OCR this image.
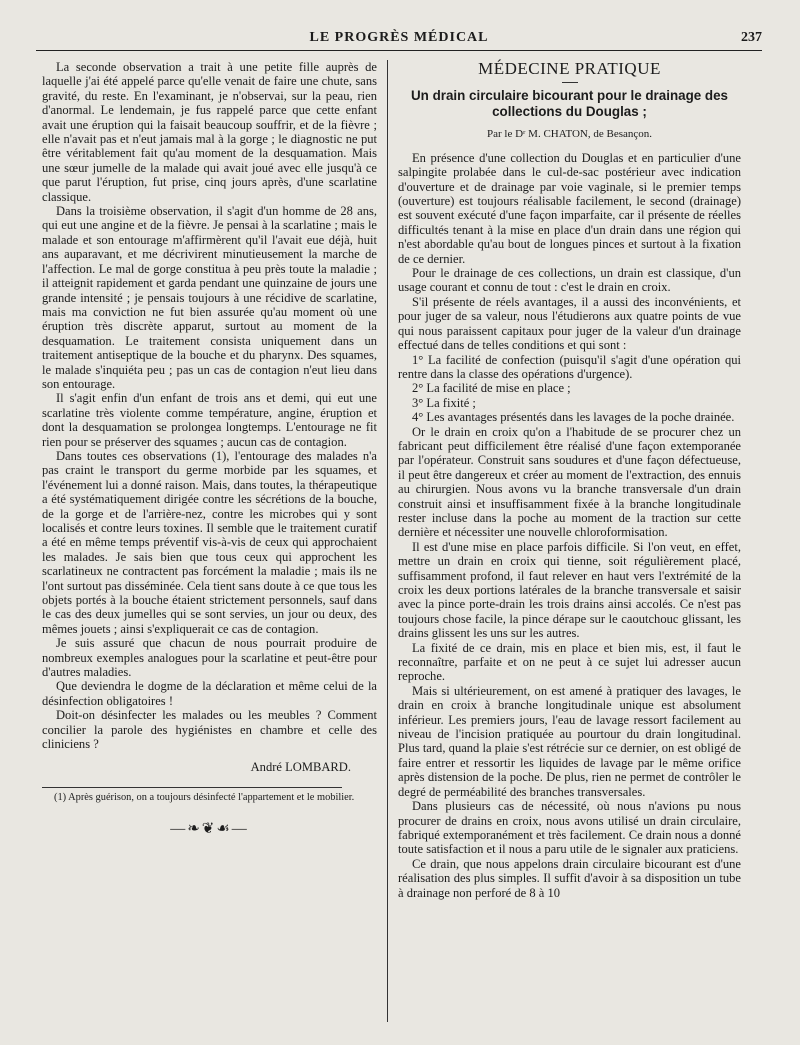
LE PROGRÈS MÉDICAL	237

La seconde observation a trait à une petite fille auprès de laquelle j'ai été appelé parce qu'elle venait de faire une chute, sans gravité, du reste. En l'examinant, je n'observai, sur la peau, rien d'anormal. Le lendemain, je fus rappelé parce que cette enfant avait une éruption qui la faisait beaucoup souffrir, et de la fièvre ; elle n'avait pas et n'eut jamais mal à la gorge ; le diagnostic ne put être véritablement fait qu'au moment de la desquamation. Mais une sœur jumelle de la malade qui avait joué avec elle jusqu'à ce que parut l'éruption, fut prise, cinq jours après, d'une scarlatine classique.

Dans la troisième observation, il s'agit d'un homme de 28 ans, qui eut une angine et de la fièvre. Je pensai à la scarlatine ; mais le malade et son entourage m'affirmèrent qu'il l'avait eue déjà, huit ans auparavant, et me décrivirent minutieusement la marche de l'affection. Le mal de gorge constitua à peu près toute la maladie ; il atteignit rapidement et garda pendant une quinzaine de jours une grande intensité ; je pensais toujours à une récidive de scarlatine, mais ma conviction ne fut bien assurée qu'au moment où une éruption très discrète apparut, surtout au moment de la desquamation. Le traitement consista uniquement dans un traitement antiseptique de la bouche et du pharynx. Des squames, le malade s'inquiéta peu ; pas un cas de contagion n'eut lieu dans son entourage.

Il s'agit enfin d'un enfant de trois ans et demi, qui eut une scarlatine très violente comme température, angine, éruption et dont la desquamation se prolongea longtemps. L'entourage ne fit rien pour se préserver des squames ; aucun cas de contagion.

Dans toutes ces observations (1), l'entourage des malades n'a pas craint le transport du germe morbide par les squames, et l'événement lui a donné raison. Mais, dans toutes, la thérapeutique a été systématiquement dirigée contre les sécrétions de la bouche, de la gorge et de l'arrière-nez, contre les microbes qui y sont localisés et contre leurs toxines. Il semble que le traitement curatif a été en même temps préventif vis-à-vis de ceux qui approchaient les malades. Je sais bien que tous ceux qui approchent les scarlatineux ne contractent pas forcément la maladie ; mais ils ne l'ont surtout pas disséminée. Cela tient sans doute à ce que tous les objets portés à la bouche étaient strictement personnels, sauf dans le cas des deux jumelles qui se sont servies, un jour ou deux, des mêmes jouets ; ainsi s'expliquerait ce cas de contagion.

Je suis assuré que chacun de nous pourrait produire de nombreux exemples analogues pour la scarlatine et peut-être pour d'autres maladies.

Que deviendra le dogme de la déclaration et même celui de la désinfection obligatoires !

Doit-on désinfecter les malades ou les meubles ? Comment concilier la parole des hygiénistes en chambre et celle des cliniciens ?

André LOMBARD.

(1) Après guérison, on a toujours désinfecté l'appartement et le mobilier.

—❧❦☙—
MÉDECINE PRATIQUE
Un drain circulaire bicourant pour le drainage des collections du Douglas ;
Par le Dʳ M. CHATON, de Besançon.

En présence d'une collection du Douglas et en particulier d'une salpingite prolabée dans le cul-de-sac postérieur avec indication d'ouverture et de drainage par voie vaginale, si le premier temps (ouverture) est toujours réalisable facilement, le second (drainage) est souvent exécuté d'une façon imparfaite, car il présente de réelles difficultés tenant à la mise en place d'un drain dans une région qui n'est abordable qu'au bout de longues pinces et surtout à la fixation de ce dernier.

Pour le drainage de ces collections, un drain est classique, d'un usage courant et connu de tout : c'est le drain en croix.

S'il présente de réels avantages, il a aussi des inconvénients, et pour juger de sa valeur, nous l'étudierons aux quatre points de vue qui nous paraissent capitaux pour juger de la valeur d'un drainage effectué dans de telles conditions et qui sont :

1° La facilité de confection (puisqu'il s'agit d'une opération qui rentre dans la classe des opérations d'urgence).

2° La facilité de mise en place ;

3° La fixité ;

4° Les avantages présentés dans les lavages de la poche drainée.

Or le drain en croix qu'on a l'habitude de se procurer chez un fabricant peut difficilement être réalisé d'une façon extemporanée par l'opérateur. Construit sans soudures et d'une façon défectueuse, il peut être dangereux et créer au moment de l'extraction, des ennuis au chirurgien. Nous avons vu la branche transversale d'un drain construit ainsi et insuffisamment fixée à la branche longitudinale rester incluse dans la poche au moment de la traction sur cette dernière et nécessiter une nouvelle chloroformisation.

Il est d'une mise en place parfois difficile. Si l'on veut, en effet, mettre un drain en croix qui tienne, soit régulièrement placé, suffisamment profond, il faut relever en haut vers l'extrémité de la croix les deux portions latérales de la branche transversale et saisir avec la pince porte-drain les trois drains ainsi accolés. Ce n'est pas toujours chose facile, la pince dérape sur le caoutchouc glissant, les drains glissent les uns sur les autres.

La fixité de ce drain, mis en place et bien mis, est, il faut le reconnaître, parfaite et on ne peut à ce sujet lui adresser aucun reproche.

Mais si ultérieurement, on est amené à pratiquer des lavages, le drain en croix à branche longitudinale unique est absolument inférieur. Les premiers jours, l'eau de lavage ressort facilement au niveau de l'incision pratiquée au pourtour du drain longitudinal. Plus tard, quand la plaie s'est rétrécie sur ce dernier, on est obligé de faire entrer et ressortir les liquides de lavage par le même orifice après distension de la poche. De plus, rien ne permet de contrôler le degré de perméabilité des branches transversales.

Dans plusieurs cas de nécessité, où nous n'avions pu nous procurer de drains en croix, nous avons utilisé un drain circulaire, fabriqué extemporanément et très facilement. Ce drain nous a donné toute satisfaction et il nous a paru utile de le signaler aux praticiens.

Ce drain, que nous appelons drain circulaire bicourant est d'une réalisation des plus simples. Il suffit d'avoir à sa disposition un tube à drainage non perforé de 8 à 10
